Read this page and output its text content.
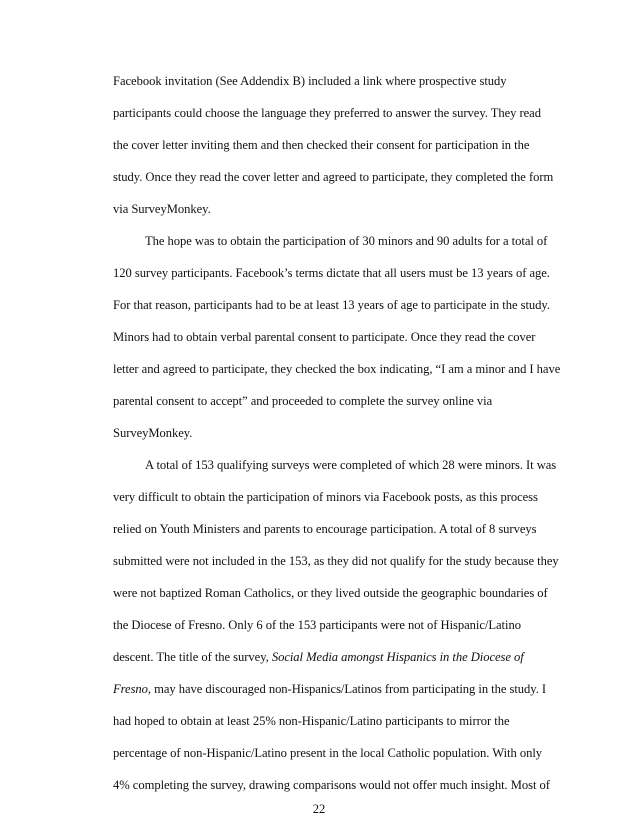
Facebook invitation (See Addendix B) included a link where prospective study
participants could choose the language they preferred to answer the survey. They read
the cover letter inviting them and then checked their consent for participation in the
study. Once they read the cover letter and agreed to participate, they completed the form
via SurveyMonkey.
The hope was to obtain the participation of 30 minors and 90 adults for a total of
120 survey participants. Facebook’s terms dictate that all users must be 13 years of age.
For that reason, participants had to be at least 13 years of age to participate in the study.
Minors had to obtain verbal parental consent to participate. Once they read the cover
letter and agreed to participate, they checked the box indicating, “I am a minor and I have
parental consent to accept” and proceeded to complete the survey online via
SurveyMonkey.
A total of 153 qualifying surveys were completed of which 28 were minors. It was
very difficult to obtain the participation of minors via Facebook posts, as this process
relied on Youth Ministers and parents to encourage participation. A total of 8 surveys
submitted were not included in the 153, as they did not qualify for the study because they
were not baptized Roman Catholics, or they lived outside the geographic boundaries of
the Diocese of Fresno. Only 6 of the 153 participants were not of Hispanic/Latino
descent. The title of the survey, Social Media amongst Hispanics in the Diocese of
Fresno, may have discouraged non-Hispanics/Latinos from participating in the study. I
had hoped to obtain at least 25% non-Hispanic/Latino participants to mirror the
percentage of non-Hispanic/Latino present in the local Catholic population. With only
4% completing the survey, drawing comparisons would not offer much insight. Most of
22
